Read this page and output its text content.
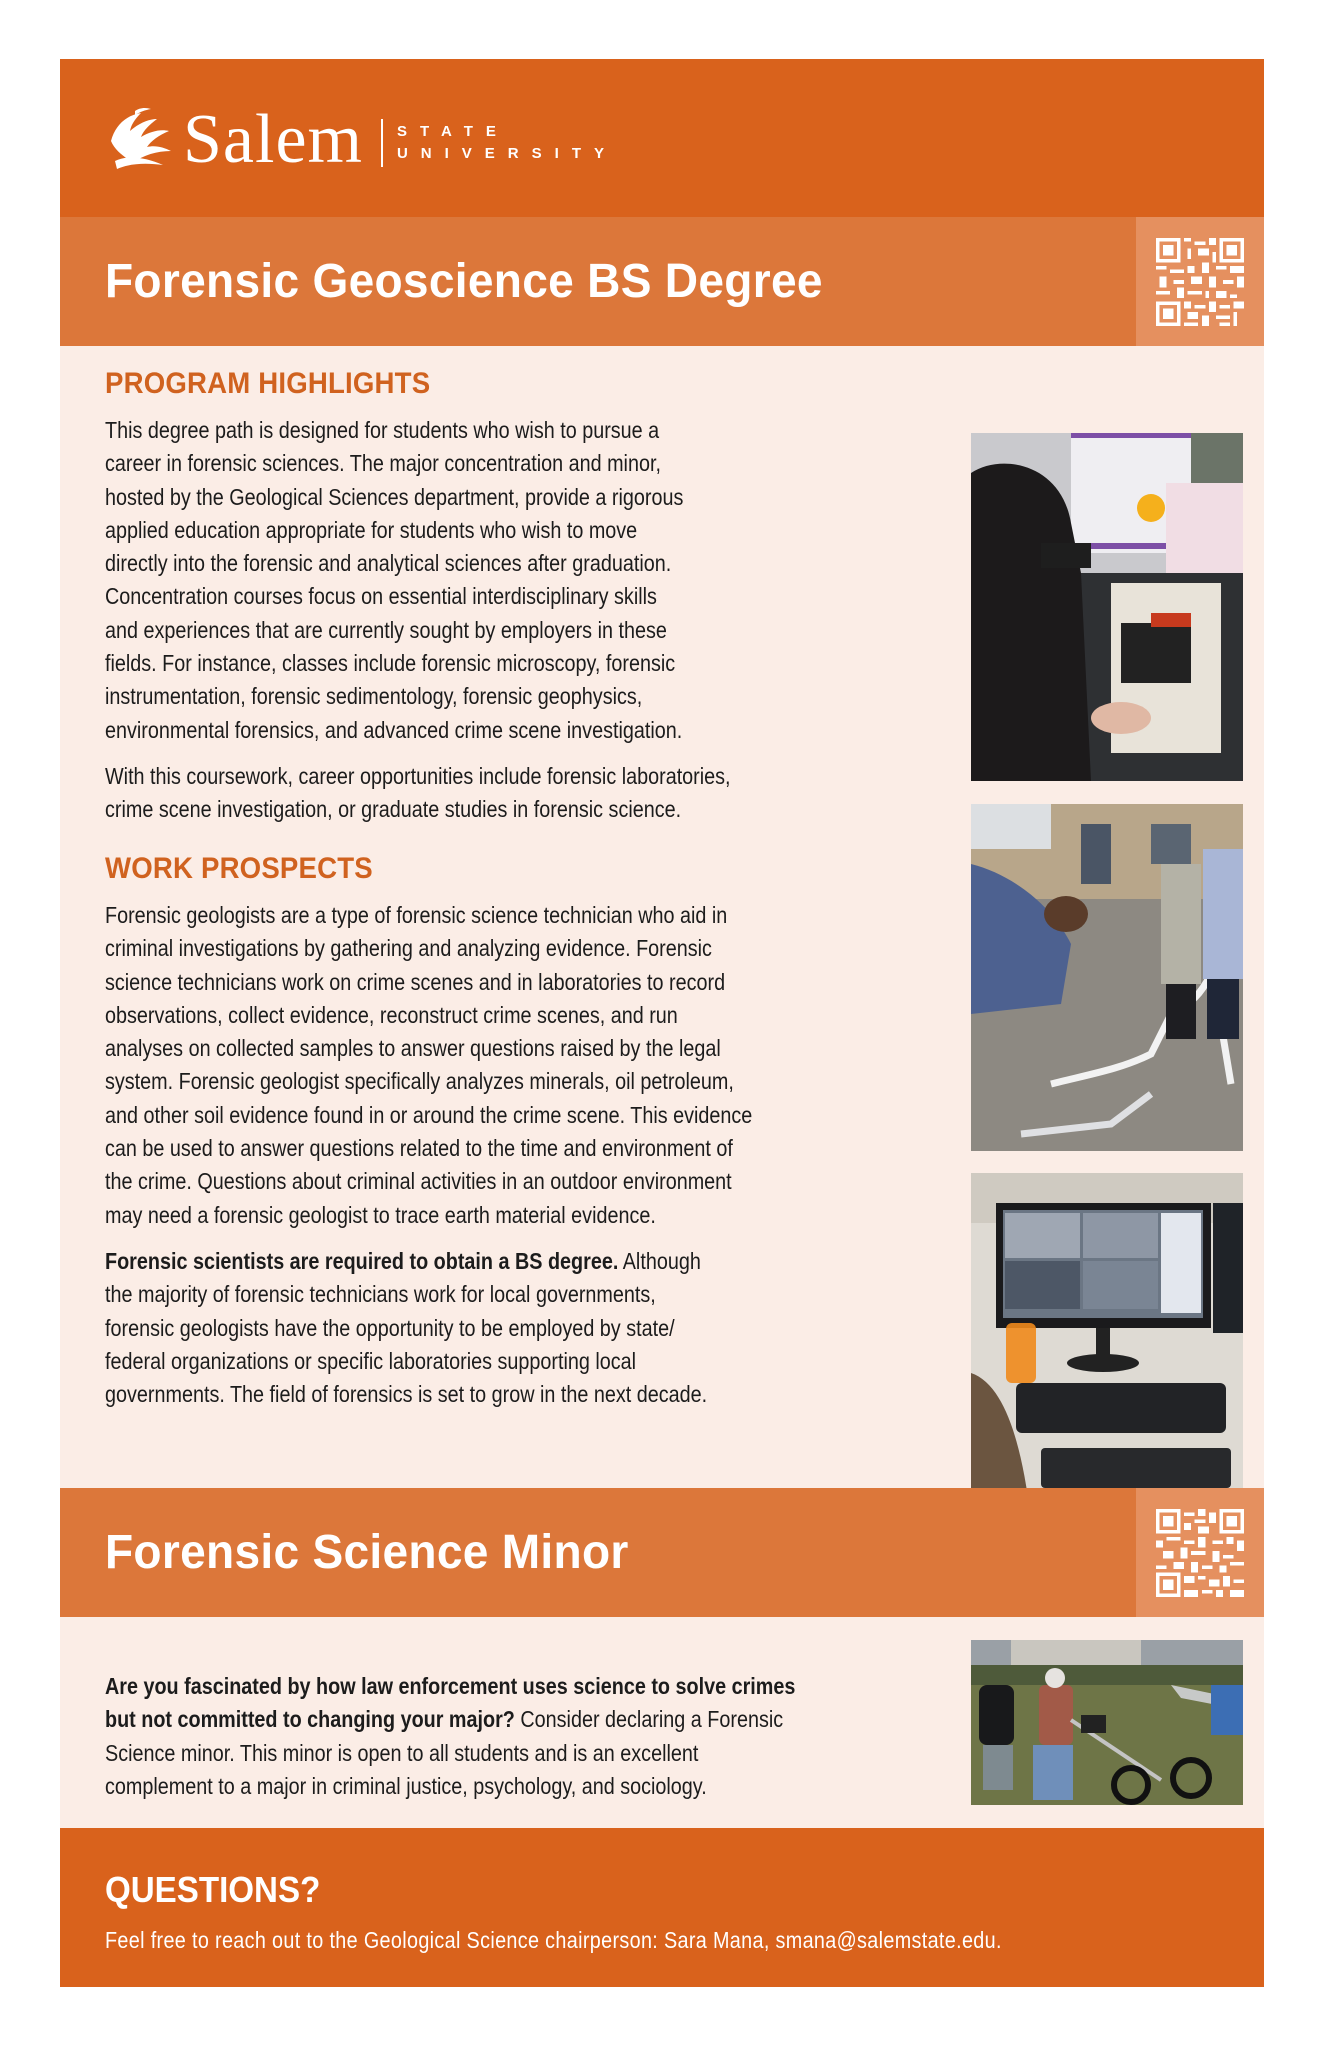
Salem STATE
UNIVERSITY
Forensic Geoscience BS Degree
PROGRAM HIGHLIGHTS

This degree path is designed for students who wish to pursue a
career in forensic sciences. The major concentration and minor,
hosted by the Geological Sciences department, provide a rigorous
applied education appropriate for students who wish to move
directly into the forensic and analytical sciences after graduation.
Concentration courses focus on essential interdisciplinary skills
and experiences that are currently sought by employers in these
fields. For instance, classes include forensic microscopy, forensic
instrumentation, forensic sedimentology, forensic geophysics,
environmental forensics, and advanced crime scene investigation.

With this coursework, career opportunities include forensic laboratories,
crime scene investigation, or graduate studies in forensic science.

WORK PROSPECTS

Forensic geologists are a type of forensic science technician who aid in
criminal investigations by gathering and analyzing evidence. Forensic
science technicians work on crime scenes and in laboratories to record
observations, collect evidence, reconstruct crime scenes, and run
analyses on collected samples to answer questions raised by the legal
system. Forensic geologist specifically analyzes minerals, oil petroleum,
and other soil evidence found in or around the crime scene. This evidence
can be used to answer questions related to the time and environment of
the crime. Questions about criminal activities in an outdoor environment
may need a forensic geologist to trace earth material evidence.

Forensic scientists are required to obtain a BS degree. Although
the majority of forensic technicians work for local governments,
forensic geologists have the opportunity to be employed by state/
federal organizations or specific laboratories supporting local
governments. The field of forensics is set to grow in the next decade.

Forensic Science Minor

Are you fascinated by how law enforcement uses science to solve crimes
but not committed to changing your major? Consider declaring a Forensic
Science minor. This minor is open to all students and is an excellent
complement to a major in criminal justice, psychology, and sociology.

QUESTIONS?
Feel free to reach out to the Geological Science chairperson: Sara Mana, smana@salemstate.edu.
